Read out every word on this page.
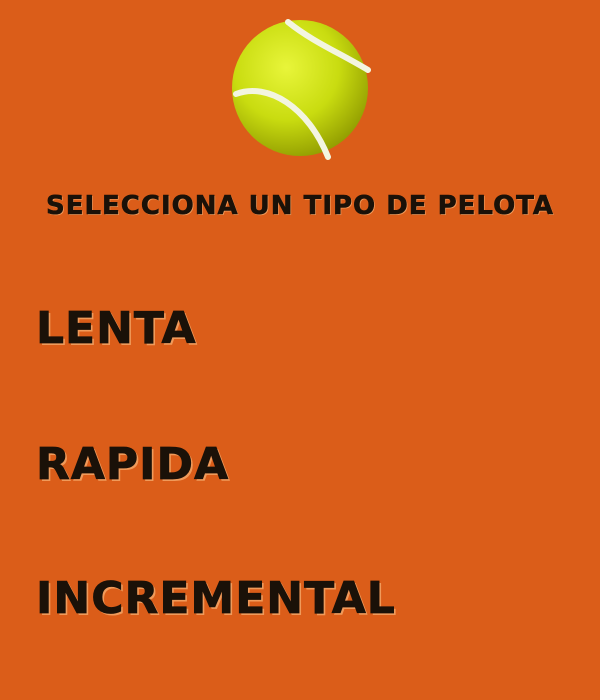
SELECCIONA UN TIPO DE PELOTA
LENTA
RAPIDA
INCREMENTAL
